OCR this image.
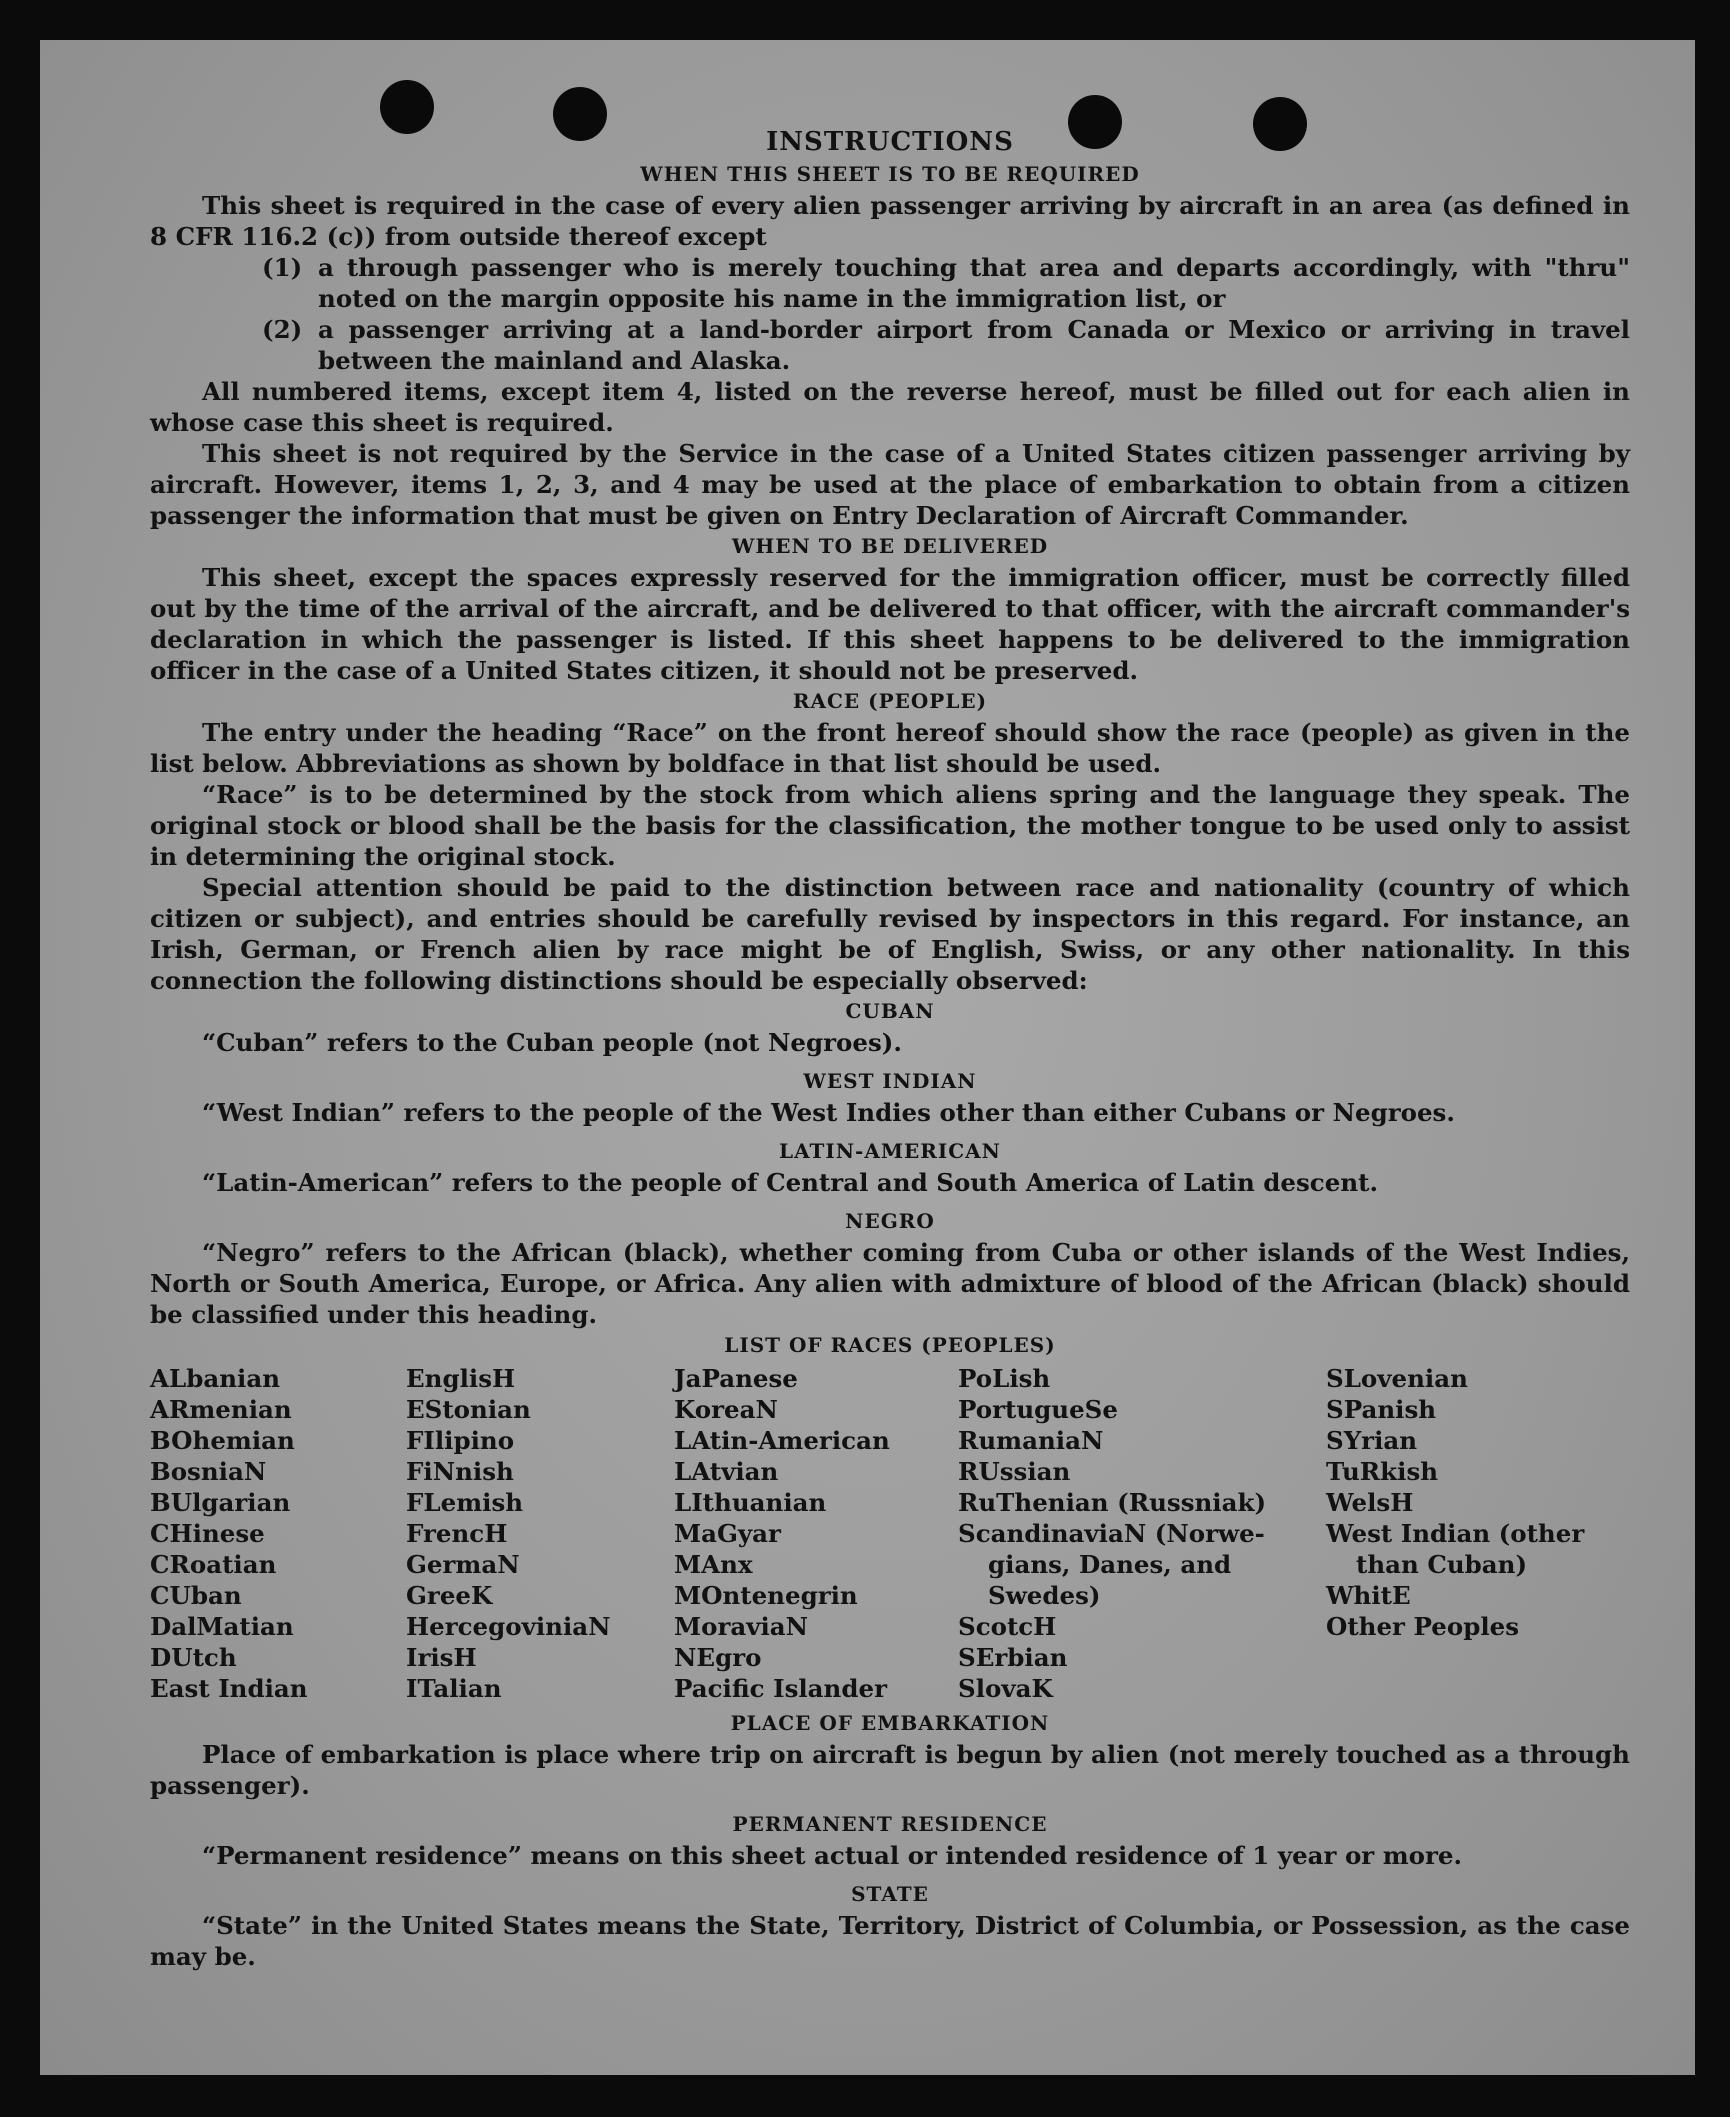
INSTRUCTIONS
WHEN THIS SHEET IS TO BE REQUIRED

This sheet is required in the case of every alien passenger arriving by aircraft in an area (as defined in 8 CFR 116.2 (c)) from outside thereof except

(1) a through passenger who is merely touching that area and departs accordingly, with "thru" noted on the margin opposite his name in the immigration list, or
(2) a passenger arriving at a land-border airport from Canada or Mexico or arriving in travel between the mainland and Alaska.

All numbered items, except item 4, listed on the reverse hereof, must be filled out for each alien in whose case this sheet is required.

This sheet is not required by the Service in the case of a United States citizen passenger arriving by aircraft. However, items 1, 2, 3, and 4 may be used at the place of embarkation to obtain from a citizen passenger the information that must be given on Entry Declaration of Aircraft Commander.

WHEN TO BE DELIVERED

This sheet, except the spaces expressly reserved for the immigration officer, must be correctly filled out by the time of the arrival of the aircraft, and be delivered to that officer, with the aircraft commander's declaration in which the passenger is listed. If this sheet happens to be delivered to the immigration officer in the case of a United States citizen, it should not be preserved.

RACE (PEOPLE)

The entry under the heading “Race” on the front hereof should show the race (people) as given in the list below. Abbreviations as shown by boldface in that list should be used.

“Race” is to be determined by the stock from which aliens spring and the language they speak. The original stock or blood shall be the basis for the classification, the mother tongue to be used only to assist in determining the original stock.

Special attention should be paid to the distinction between race and nationality (country of which citizen or subject), and entries should be carefully revised by inspectors in this regard. For instance, an Irish, German, or French alien by race might be of English, Swiss, or any other nationality. In this connection the following distinctions should be especially observed:

CUBAN

“Cuban” refers to the Cuban people (not Negroes).

WEST INDIAN

“West Indian” refers to the people of the West Indies other than either Cubans or Negroes.

LATIN-AMERICAN

“Latin-American” refers to the people of Central and South America of Latin descent.

NEGRO

“Negro” refers to the African (black), whether coming from Cuba or other islands of the West Indies, North or South America, Europe, or Africa. Any alien with admixture of blood of the African (black) should be classified under this heading.

LIST OF RACES (PEOPLES)
ALbanian
ARmenian
BOhemian
BosniaN
BUlgarian
CHinese
CRoatian
CUban
DalMatian
DUtch
East Indian
EnglisH
EStonian
FIlipino
FiNnish
FLemish
FrencH
GermaN
GreeK
HercegoviniaN
IrisH
ITalian
JaPanese
KoreaN
LAtin-American
LAtvian
LIthuanian
MaGyar
MAnx
MOntenegrin
MoraviaN
NEgro
Pacific Islander
PoLish
PortugueSe
RumaniaN
RUssian
RuThenian (Russniak)
ScandinaviaN (Norwe-
gians, Danes, and
Swedes)
ScotcH
SErbian
SlovaK
SLovenian
SPanish
SYrian
TuRkish
WelsH
West Indian (other
than Cuban)
WhitE
Other Peoples
PLACE OF EMBARKATION

Place of embarkation is place where trip on aircraft is begun by alien (not merely touched as a through passenger).

PERMANENT RESIDENCE

“Permanent residence” means on this sheet actual or intended residence of 1 year or more.

STATE

“State” in the United States means the State, Territory, District of Columbia, or Possession, as the case may be.
